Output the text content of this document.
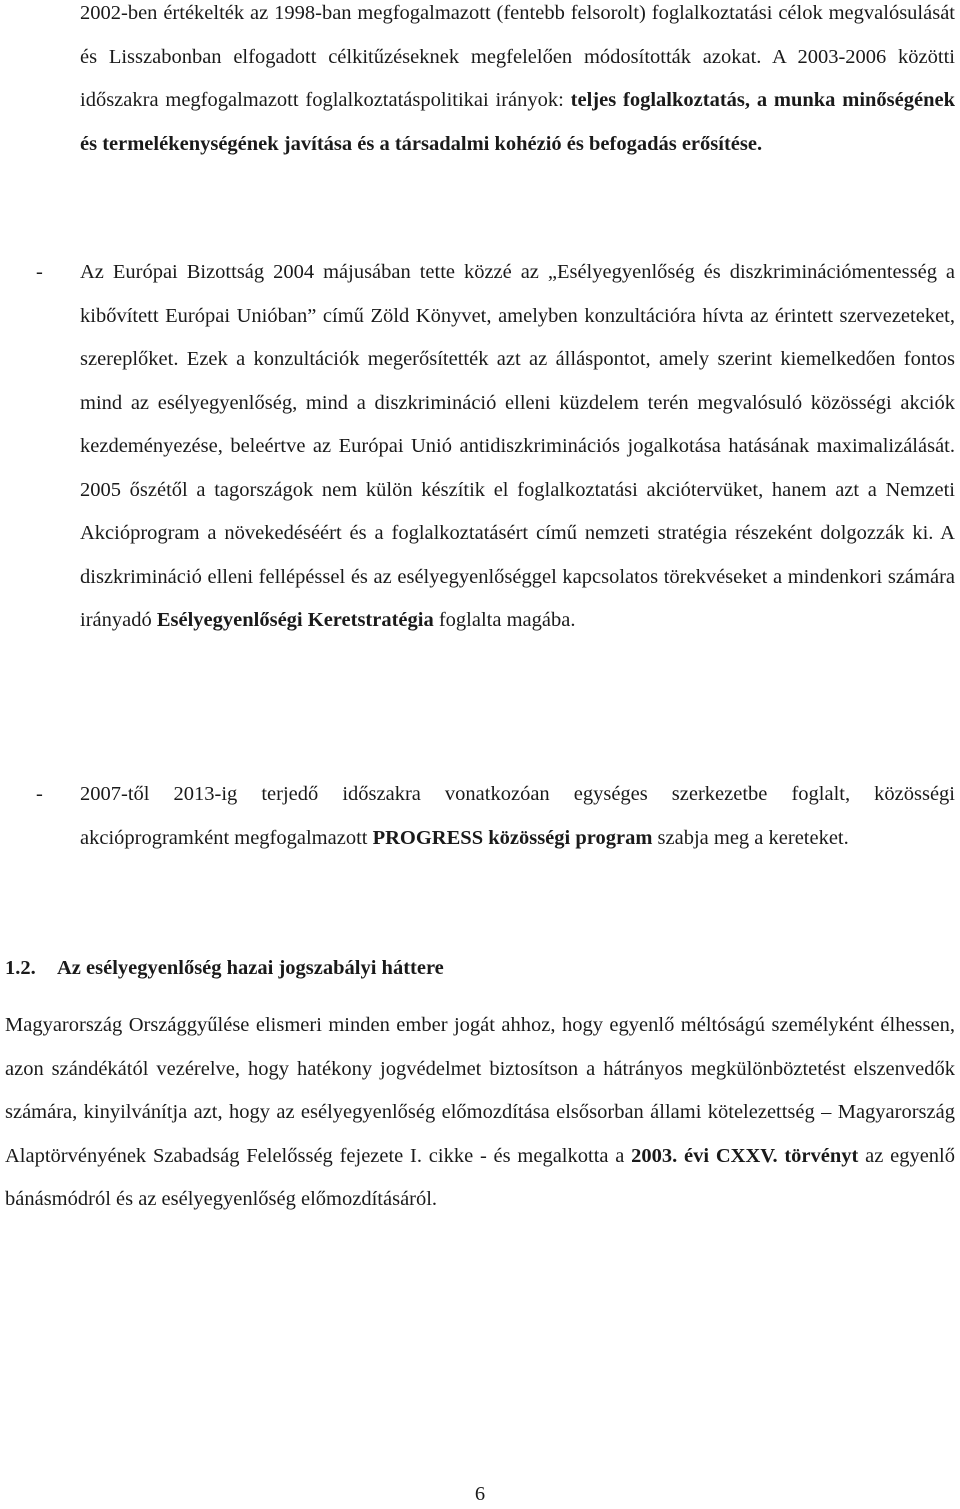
2002-ben értékelték az 1998-ban megfogalmazott (fentebb felsorolt) foglalkoztatási célok megvalósulását és Lisszabonban elfogadott célkitűzéseknek megfelelően módosították azokat. A 2003-2006 közötti időszakra megfogalmazott foglalkoztatáspolitikai irányok: teljes foglalkoztatás, a munka minőségének és termelékenységének javítása és a társadalmi kohézió és befogadás erősítése.

- Az Európai Bizottság 2004 májusában tette közzé az „Esélyegyenlőség és diszkriminációmentesség a kibővített Európai Unióban” című Zöld Könyvet, amelyben konzultációra hívta az érintett szervezeteket, szereplőket. Ezek a konzultációk megerősítették azt az álláspontot, amely szerint kiemelkedően fontos mind az esélyegyenlőség, mind a diszkrimináció elleni küzdelem terén megvalósuló közösségi akciók kezdeményezése, beleértve az Európai Unió antidiszkriminációs jogalkotása hatásának maximalizálását. 2005 őszétől a tagországok nem külön készítik el foglalkoztatási akciótervüket, hanem azt a Nemzeti Akcióprogram a növekedéséért és a foglalkoztatásért című nemzeti stratégia részeként dolgozzák ki. A diszkrimináció elleni fellépéssel és az esélyegyenlőséggel kapcsolatos törekvéseket a mindenkori számára irányadó Esélyegyenlőségi Keretstratégia foglalta magába.

- 2007-től 2013-ig terjedő időszakra vonatkozóan egységes szerkezetbe foglalt, közösségi akcióprogramként megfogalmazott PROGRESS közösségi program szabja meg a kereteket.

1.2. Az esélyegyenlőség hazai jogszabályi háttere

Magyarország Országgyűlése elismeri minden ember jogát ahhoz, hogy egyenlő méltóságú személyként élhessen, azon szándékától vezérelve, hogy hatékony jogvédelmet biztosítson a hátrányos megkülönböztetést elszenvedők számára, kinyilvánítja azt, hogy az esélyegyenlőség előmozdítása elsősorban állami kötelezettség – Magyarország Alaptörvényének Szabadság Felelősség fejezete I. cikke - és megalkotta a 2003. évi CXXV. törvényt az egyenlő bánásmódról és az esélyegyenlőség előmozdításáról.

6
